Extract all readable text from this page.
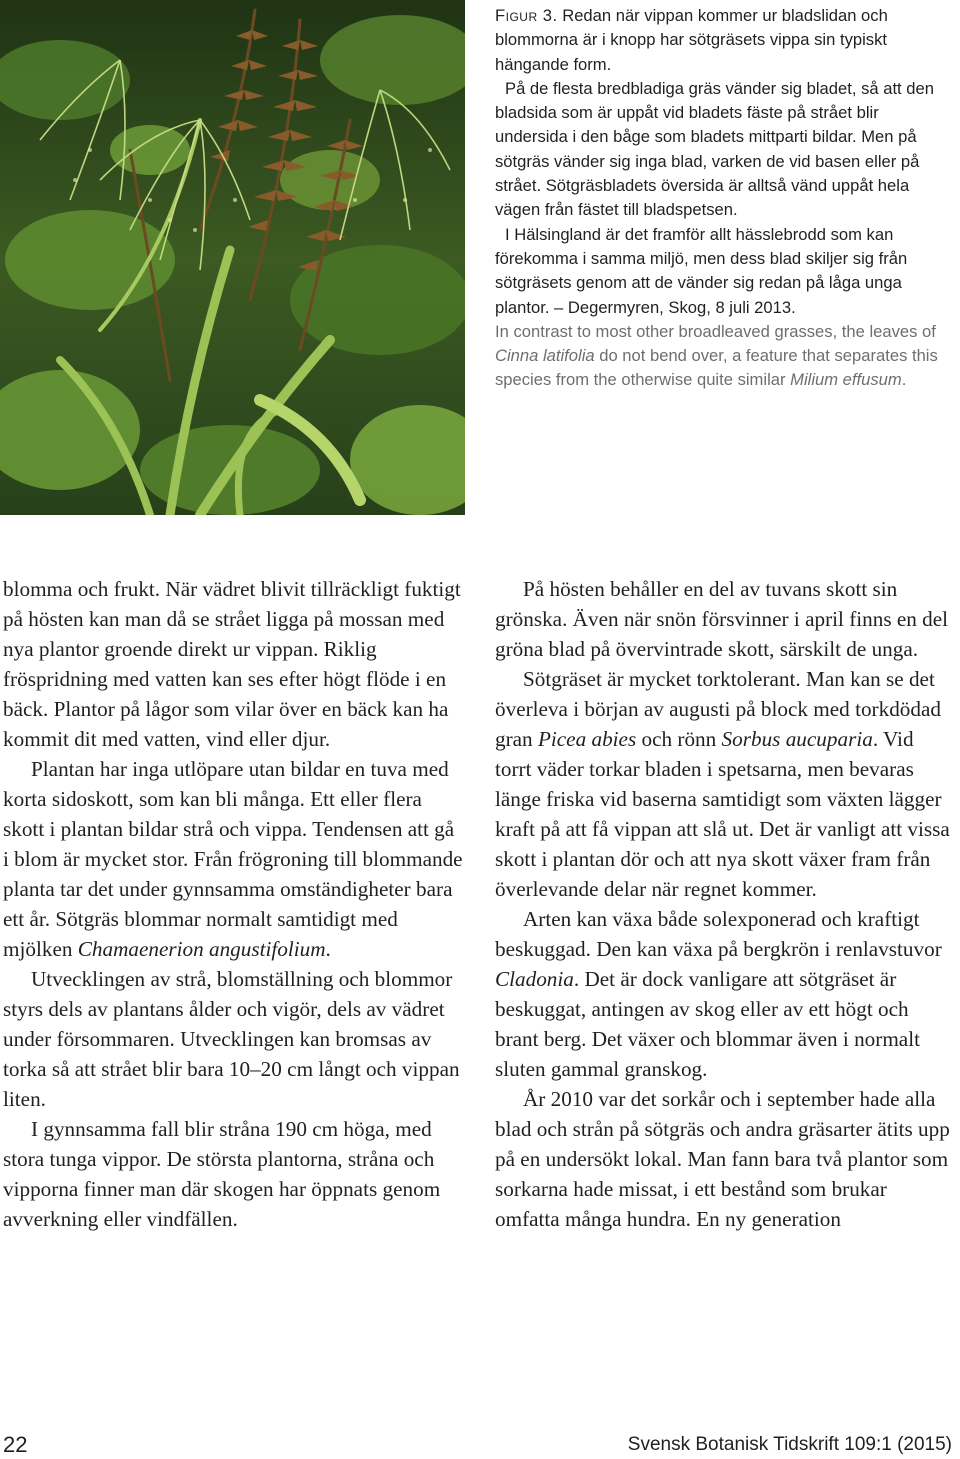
Figur 3. Redan när vippan kommer ur bladslidan och blommorna är i knopp har sötgräsets vippa sin typiskt hängande form.

På de flesta bredbladiga gräs vänder sig bladet, så att den bladsida som är uppåt vid bladets fäste på strået blir undersida i den båge som bladets mittparti bildar. Men på sötgräs vänder sig inga blad, varken de vid basen eller på strået. Sötgräsbladets översida är alltså vänd uppåt hela vägen från fästet till bladspetsen.

I Hälsingland är det framför allt hässlebrodd som kan förekomma i samma miljö, men dess blad skiljer sig från sötgräsets genom att de vänder sig redan på låga unga plantor. – Degermyren, Skog, 8 juli 2013.

In contrast to most other broadleaved grasses, the leaves of Cinna latifolia do not bend over, a feature that separates this species from the otherwise quite similar Milium effusum.

blomma och frukt. När vädret blivit tillräckligt fuktigt på hösten kan man då se strået ligga på mossan med nya plantor groende direkt ur vippan. Riklig fröspridning med vatten kan ses efter högt flöde i en bäck. Plantor på lågor som vilar över en bäck kan ha kommit dit med vatten, vind eller djur.

Plantan har inga utlöpare utan bildar en tuva med korta sidoskott, som kan bli många. Ett eller flera skott i plantan bildar strå och vippa. Tendensen att gå i blom är mycket stor. Från frögroning till blommande planta tar det under gynnsamma omständigheter bara ett år. Sötgräs blommar normalt samtidigt med mjölken Chamaenerion angustifolium.

Utvecklingen av strå, blomställning och blommor styrs dels av plantans ålder och vigör, dels av vädret under försommaren. Utvecklingen kan bromsas av torka så att strået blir bara 10–20 cm långt och vippan liten.

I gynnsamma fall blir stråna 190 cm höga, med stora tunga vippor. De största plantorna, stråna och vipporna finner man där skogen har öppnats genom avverkning eller vindfällen.

På hösten behåller en del av tuvans skott sin grönska. Även när snön försvinner i april finns en del gröna blad på övervintrade skott, särskilt de unga.

Sötgräset är mycket torktolerant. Man kan se det överleva i början av augusti på block med torkdödad gran Picea abies och rönn Sorbus aucuparia. Vid torrt väder torkar bladen i spetsarna, men bevaras länge friska vid baserna samtidigt som växten lägger kraft på att få vippan att slå ut. Det är vanligt att vissa skott i plantan dör och att nya skott växer fram från överlevande delar när regnet kommer.

Arten kan växa både solexponerad och kraftigt beskuggad. Den kan växa på bergkrön i renlavstuvor Cladonia. Det är dock vanligare att sötgräset är beskuggat, antingen av skog eller av ett högt och brant berg. Det växer och blommar även i normalt sluten gammal granskog.

År 2010 var det sorkår och i september hade alla blad och strån på sötgräs och andra gräsarter ätits upp på en undersökt lokal. Man fann bara två plantor som sorkarna hade missat, i ett bestånd som brukar omfatta många hundra. En ny generation

22	Svensk Botanisk Tidskrift 109:1 (2015)
